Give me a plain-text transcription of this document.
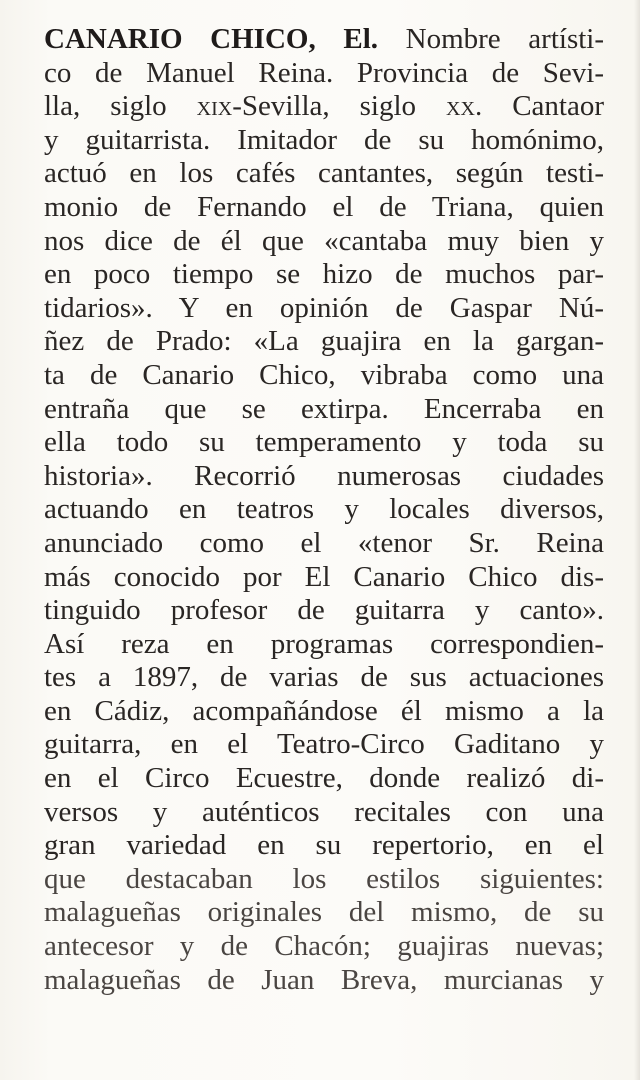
CANARIO CHICO, El. Nombre artísti-
co de Manuel Reina. Provincia de Sevi-
lla, siglo xix-Sevilla, siglo xx. Cantaor
y guitarrista. Imitador de su homónimo,
actuó en los cafés cantantes, según testi-
monio de Fernando el de Triana, quien
nos dice de él que «cantaba muy bien y
en poco tiempo se hizo de muchos par-
tidarios». Y en opinión de Gaspar Nú-
ñez de Prado: «La guajira en la gargan-
ta de Canario Chico, vibraba como una
entraña que se extirpa. Encerraba en
ella todo su temperamento y toda su
historia». Recorrió numerosas ciudades
actuando en teatros y locales diversos,
anunciado como el «tenor Sr. Reina
más conocido por El Canario Chico dis-
tinguido profesor de guitarra y canto».
Así reza en programas correspondien-
tes a 1897, de varias de sus actuaciones
en Cádiz, acompañándose él mismo a la
guitarra, en el Teatro-Circo Gaditano y
en el Circo Ecuestre, donde realizó di-
versos y auténticos recitales con una
gran variedad en su repertorio, en el
que destacaban los estilos siguientes:
malagueñas originales del mismo, de su
antecesor y de Chacón; guajiras nuevas;
malagueñas de Juan Breva, murcianas y
